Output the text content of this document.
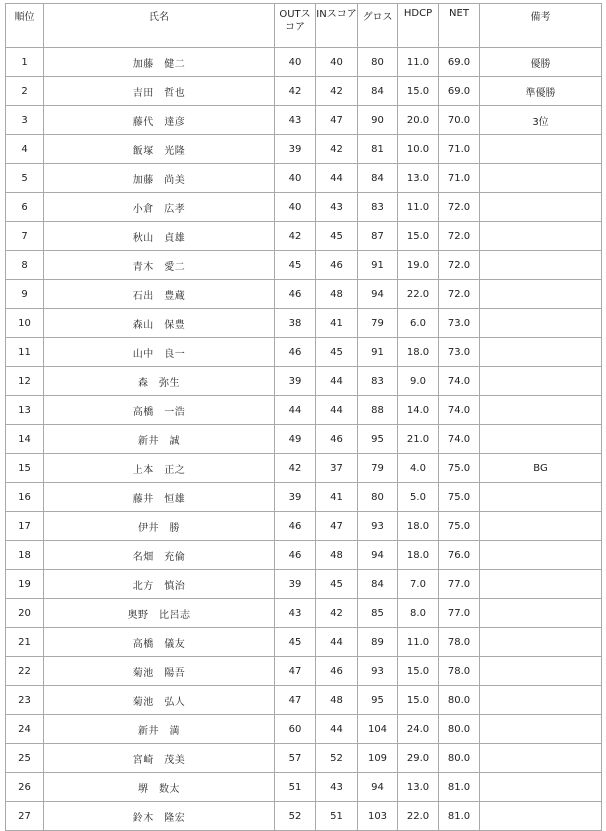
順位	氏名	OUTスコア	INスコア	グロス	HDCP	NET	備考
1	加藤　健二	40	40	80	11.0	69.0	優勝
2	吉田　哲也	42	42	84	15.0	69.0	準優勝
3	藤代　達彦	43	47	90	20.0	70.0	3位
4	飯塚　光隆	39	42	81	10.0	71.0	
5	加藤　尚美	40	44	84	13.0	71.0	
6	小倉　広孝	40	43	83	11.0	72.0	
7	秋山　貞雄	42	45	87	15.0	72.0	
8	青木　愛二	45	46	91	19.0	72.0	
9	石出　豊蔵	46	48	94	22.0	72.0	
10	森山　保豊	38	41	79	6.0	73.0	
11	山中　良一	46	45	91	18.0	73.0	
12	森　弥生	39	44	83	9.0	74.0	
13	高橋　一浩	44	44	88	14.0	74.0	
14	新井　誠	49	46	95	21.0	74.0	
15	上本　正之	42	37	79	4.0	75.0	BG
16	藤井　恒雄	39	41	80	5.0	75.0	
17	伊井　勝	46	47	93	18.0	75.0	
18	名畑　充倫	46	48	94	18.0	76.0	
19	北方　慎治	39	45	84	7.0	77.0	
20	奥野　比呂志	43	42	85	8.0	77.0	
21	高橋　儀友	45	44	89	11.0	78.0	
22	菊池　陽吾	47	46	93	15.0	78.0	
23	菊池　弘人	47	48	95	15.0	80.0	
24	新井　満	60	44	104	24.0	80.0	
25	宮崎　茂美	57	52	109	29.0	80.0	
26	堺　数太	51	43	94	13.0	81.0	
27	鈴木　隆宏	52	51	103	22.0	81.0	
